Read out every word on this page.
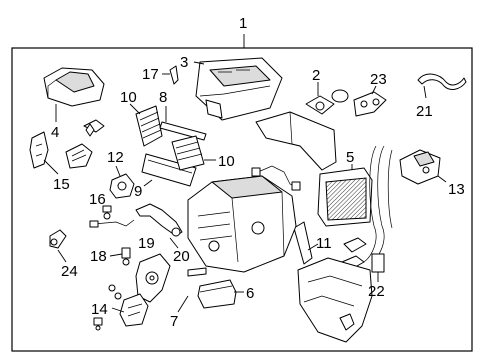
1
2
3
4
5
6
7
8
9
10
10
11
12
13
14
15
16
17
18
19
20
21
22
23
24
